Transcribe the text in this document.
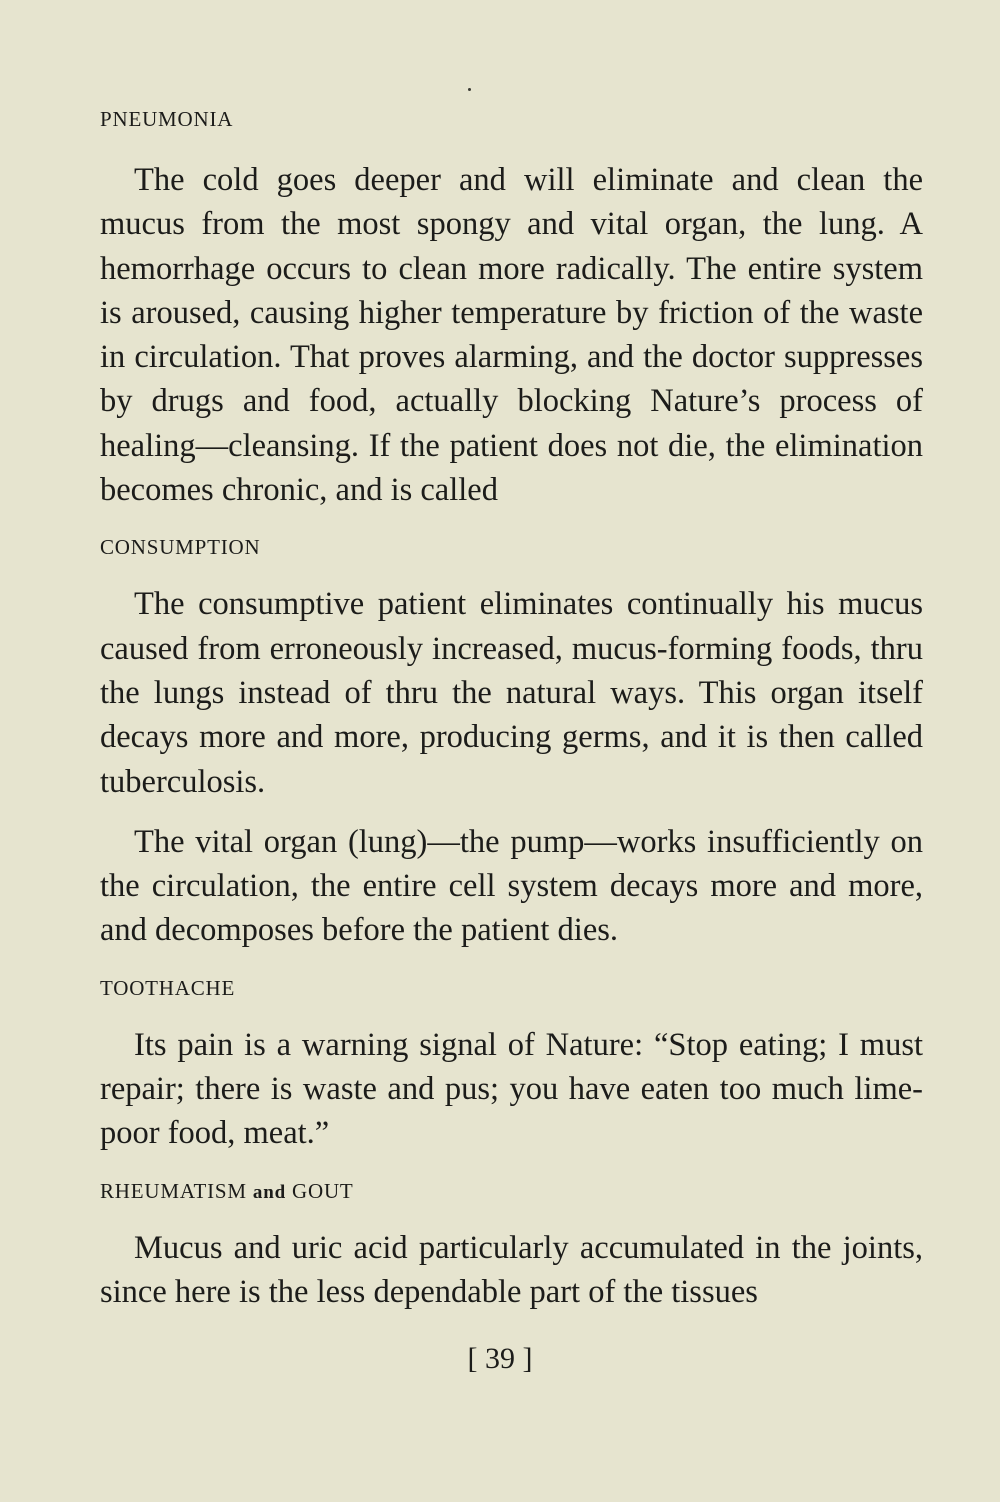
PNEUMONIA

The cold goes deeper and will eliminate and clean the mucus from the most spongy and vital organ, the lung. A hemorrhage occurs to clean more radically. The entire system is aroused, causing higher temperature by friction of the waste in circulation. That proves alarming, and the doctor suppresses by drugs and food, actually blocking Nature’s process of healing—cleansing. If the patient does not die, the elimination becomes chronic, and is called

CONSUMPTION

The consumptive patient eliminates continually his mucus caused from erroneously increased, mucus-forming foods, thru the lungs instead of thru the natural ways. This organ itself decays more and more, producing germs, and it is then called tuberculosis.

The vital organ (lung)—the pump—works insufficiently on the circulation, the entire cell system decays more and more, and decomposes before the patient dies.

TOOTHACHE

Its pain is a warning signal of Nature: “Stop eating; I must repair; there is waste and pus; you have eaten too much lime-poor food, meat.”

RHEUMATISM and GOUT

Mucus and uric acid particularly accumulated in the joints, since here is the less dependable part of the tissues

[ 39 ]
